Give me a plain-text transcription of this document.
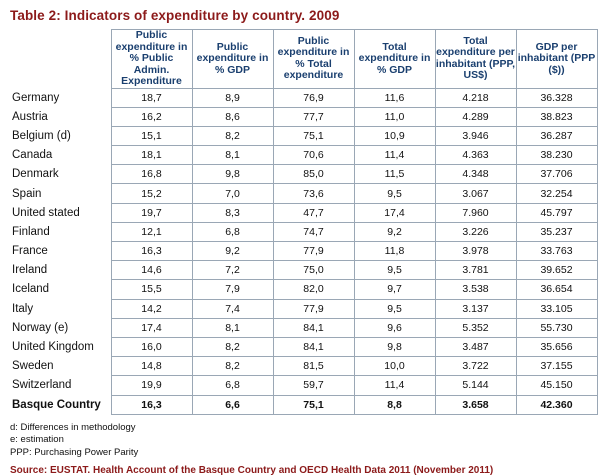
Table 2: Indicators of expenditure by country. 2009
	Public expenditure in % Public Admin. Expenditure	Public expenditure in % GDP	Public expenditure in % Total expenditure	Total expenditure in % GDP	Total expenditure per inhabitant (PPP, US$)	GDP per inhabitant (PPP ($))
Germany	18,7	8,9	76,9	11,6	4.218	36.328
Austria	16,2	8,6	77,7	11,0	4.289	38.823
Belgium (d)	15,1	8,2	75,1	10,9	3.946	36.287
Canada	18,1	8,1	70,6	11,4	4.363	38.230
Denmark	16,8	9,8	85,0	11,5	4.348	37.706
Spain	15,2	7,0	73,6	9,5	3.067	32.254
United stated	19,7	8,3	47,7	17,4	7.960	45.797
Finland	12,1	6,8	74,7	9,2	3.226	35.237
France	16,3	9,2	77,9	11,8	3.978	33.763
Ireland	14,6	7,2	75,0	9,5	3.781	39.652
Iceland	15,5	7,9	82,0	9,7	3.538	36.654
Italy	14,2	7,4	77,9	9,5	3.137	33.105
Norway (e)	17,4	8,1	84,1	9,6	5.352	55.730
United Kingdom	16,0	8,2	84,1	9,8	3.487	35.656
Sweden	14,8	8,2	81,5	10,0	3.722	37.155
Switzerland	19,9	6,8	59,7	11,4	5.144	45.150
Basque Country	16,3	6,6	75,1	8,8	3.658	42.360
d: Differences in methodology
e: estimation
PPP: Purchasing Power Parity
Source: EUSTAT. Health Account of the Basque Country and OECD Health Data 2011 (November 2011)
